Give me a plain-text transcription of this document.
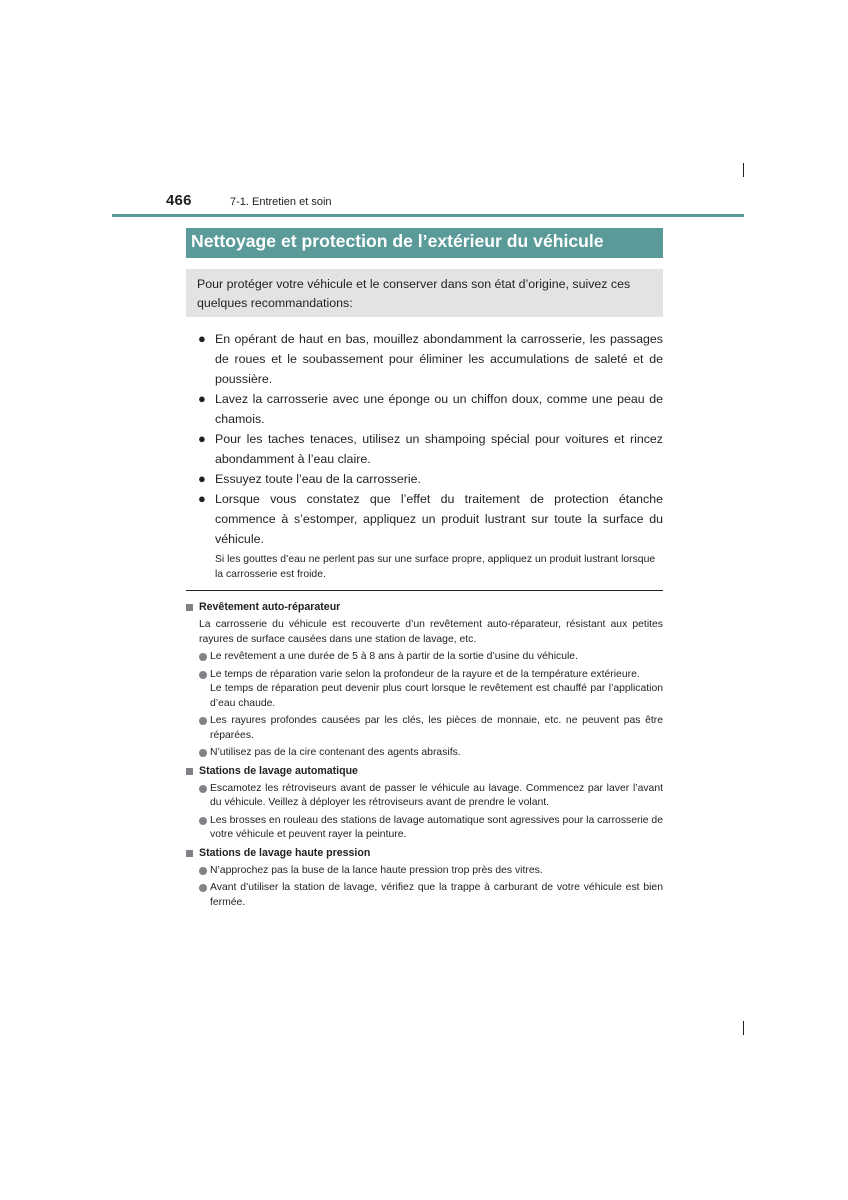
466	7-1. Entretien et soin
Nettoyage et protection de l’extérieur du véhicule
Pour protéger votre véhicule et le conserver dans son état d’origine, suivez ces quelques recommandations:
● En opérant de haut en bas, mouillez abondamment la carrosserie, les passages de roues et le soubassement pour éliminer les accumulations de saleté et de poussière.
● Lavez la carrosserie avec une éponge ou un chiffon doux, comme une peau de chamois.
● Pour les taches tenaces, utilisez un shampoing spécial pour voitures et rincez abondamment à l’eau claire.
● Essuyez toute l’eau de la carrosserie.
● Lorsque vous constatez que l’effet du traitement de protection étanche commence à s’estomper, appliquez un produit lustrant sur toute la surface du véhicule.
Si les gouttes d’eau ne perlent pas sur une surface propre, appliquez un produit lustrant lorsque la carrosserie est froide.
Revêtement auto-réparateur
La carrosserie du véhicule est recouverte d’un revêtement auto-réparateur, résistant aux petites rayures de surface causées dans une station de lavage, etc.
Le revêtement a une durée de 5 à 8 ans à partir de la sortie d’usine du véhicule.
Le temps de réparation varie selon la profondeur de la rayure et de la température extérieure.
Le temps de réparation peut devenir plus court lorsque le revêtement est chauffé par l’application d’eau chaude.
Les rayures profondes causées par les clés, les pièces de monnaie, etc. ne peuvent pas être réparées.
N’utilisez pas de la cire contenant des agents abrasifs.
Stations de lavage automatique
Escamotez les rétroviseurs avant de passer le véhicule au lavage. Commencez par laver l’avant du véhicule. Veillez à déployer les rétroviseurs avant de prendre le volant.
Les brosses en rouleau des stations de lavage automatique sont agressives pour la carrosserie de votre véhicule et peuvent rayer la peinture.
Stations de lavage haute pression
N’approchez pas la buse de la lance haute pression trop près des vitres.
Avant d’utiliser la station de lavage, vérifiez que la trappe à carburant de votre véhicule est bien fermée.
